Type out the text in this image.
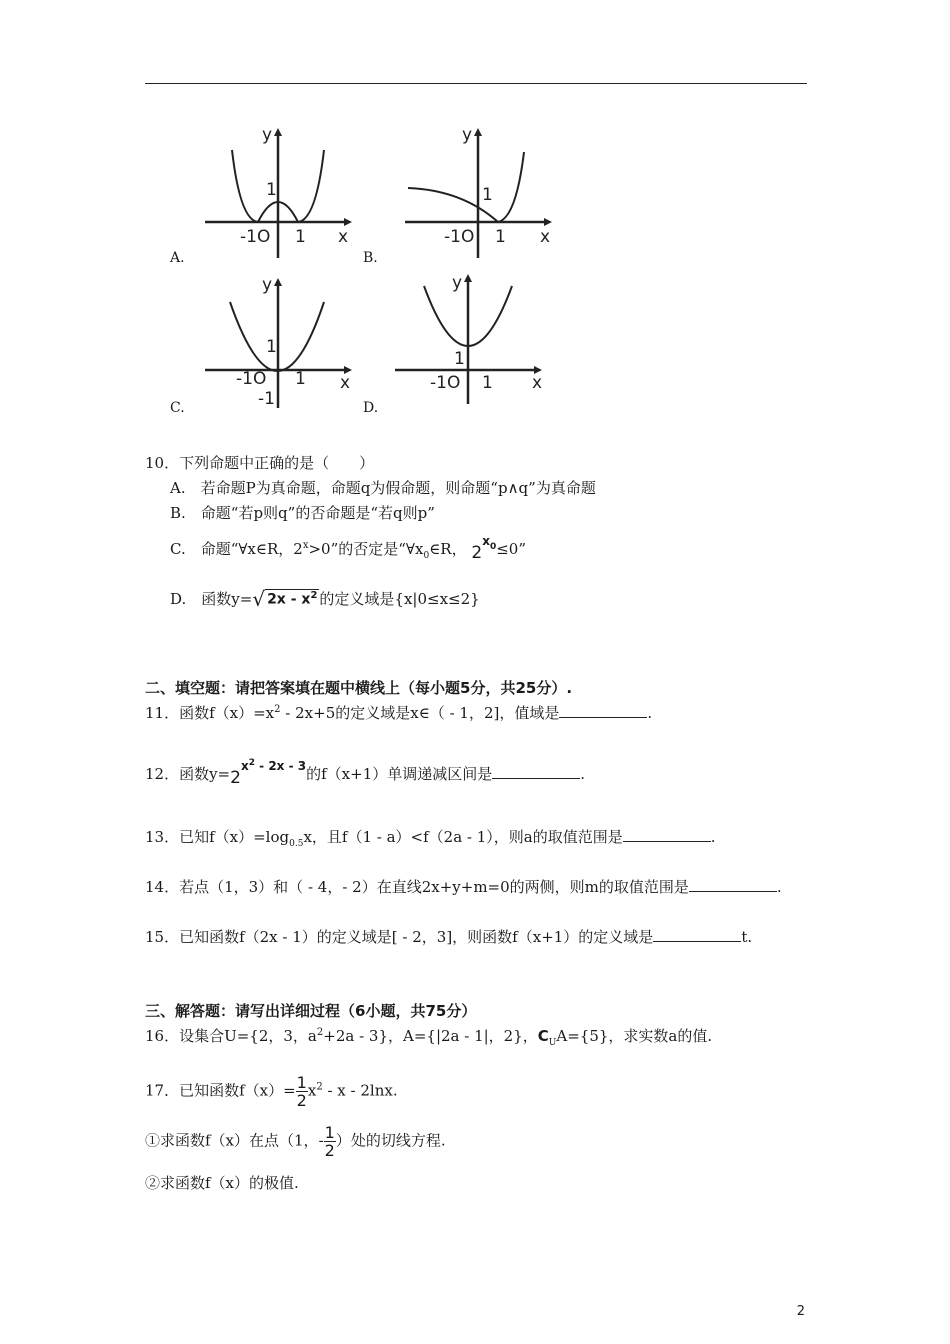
y
1
-1O 1 x
A.
y
1
-1O 1 x
B.
y
1
-1O 1 x
-1
C.
y
1
-1O 1 x
D.
10．下列命题中正确的是（　　）
A.　若命题P为真命题，命题q为假命题，则命题“p∧q”为真命题
B.　命题“若p则q”的否命题是“若q则p”
C.　命题“∀x∈R，$2^x>0$”的否定是“$\forall x_0\in R$， $2^{x0}\le 0$”
D.　函数y=√ $2x - x^2$ 的定义域是{x|0≤x≤2}
二、填空题：请把答案填在题中横线上（每小题5分，共25分）.
11．函数$f(x)=x^2 - 2x+5$的定义域是x∈（ - 1，2]，值域是	.
12．函数$y=2^{x2}$ $^{- 2x - 3}$的f（x+1）单调递减区间是	.
13．已知$f(x)=\log_{0.5}x$，且f（1 - a）<f（2a - 1），则a的取值范围是	.
14．若点（1，3）和（ - 4，- 2）在直线2x+y+m=0的两侧，则m的取值范围是	.
15．已知函数f（2x - 1）的定义域是[ - 2，3]，则函数f（x+1）的定义域是	t.
三、解答题：请写出详细过程（6小题，共75分）
16．设集合U={2，3，$a^2+2a - 3$}，A={|2a - 1|，2}，$C_UA=\{5\}$，求实数a的值.
17．已知函数$f(x)= \frac{1}{2} x^2 - x - 2\ln x$.
①求函数f（x）在点（1，- $\frac{1}{2}$ ）处的切线方程.
②求函数f（x）的极值.
2
